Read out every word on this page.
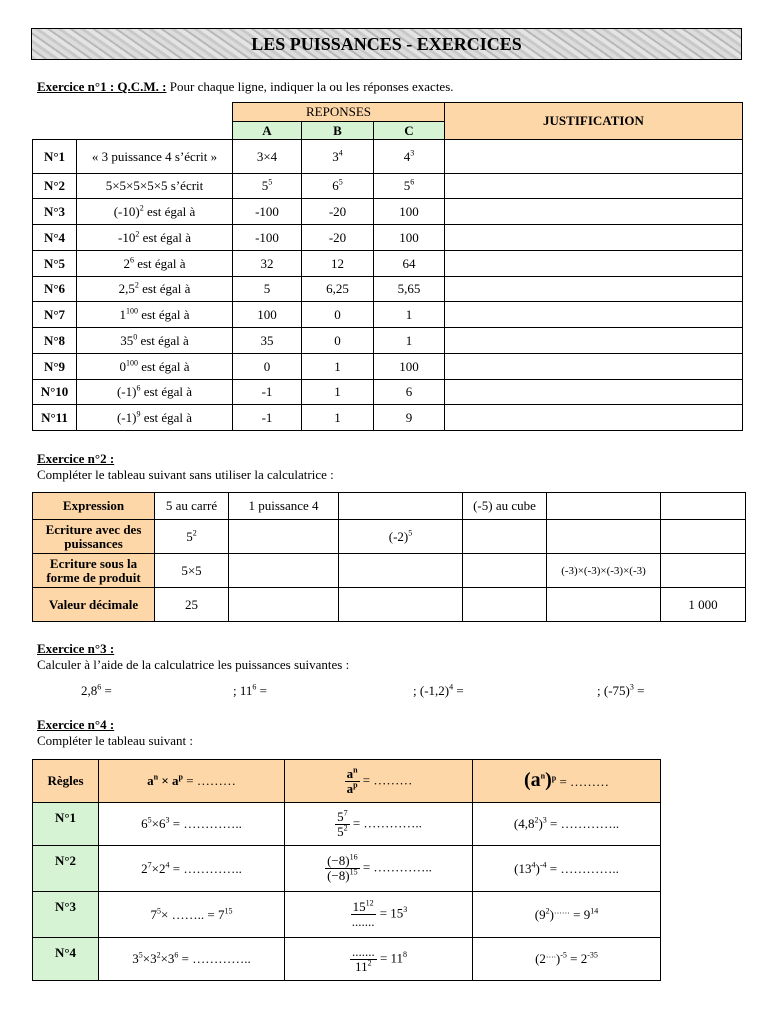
LES PUISSANCES - EXERCICES
Exercice n°1 : Q.C.M. : Pour chaque ligne, indiquer la ou les réponses exactes.
		REPONSES			JUSTIFICATION
		A	B	C	
N°1	« 3 puissance 4 s’écrit »	3×4	$3^4$	$4^3$	
N°2	5×5×5×5×5 s’écrit	$5^5$	$6^5$	$5^6$	
N°3	$(-10)^2$ est égal à	-100	-20	100	
N°4	$-10^2$ est égal à	-100	-20	100	
N°5	$2^6$ est égal à	32	12	64	
N°6	$2,5^2$ est égal à	5	6,25	5,65	
N°7	$1^{100}$ est égal à	100	0	1	
N°8	$35^0$ est égal à	35	0	1	
N°9	$0^{100}$ est égal à	0	1	100	
N°10	$(-1)^6$ est égal à	-1	1	6	
N°11	$(-1)^9$ est égal à	-1	1	9	
Exercice n°2 :
Compléter le tableau suivant sans utiliser la calculatrice :
Expression	5 au carré	1 puissance 4		(-5) au cube		
Ecriture avec des puissances	$5^2$		$(-2)^5$			
Ecriture sous la forme de produit	5×5				(-3)×(-3)×(-3)×(-3)	
Valeur décimale	25					1 000
Exercice n°3 :
Calculer à l’aide de la calculatrice les puissances suivantes :
$2,8^6$ =	; $11^6$ =	; $(-1,2)^4$ =	; $(-75)^3$ =
Exercice n°4 :
Compléter le tableau suivant :
Règles	$a^n \times a^p$ = ………	$\frac{a^n}{a^p}$ = ………	$(a^n)^p$ = ………
N°1	$6^5\times 6^3$ = …………..	$\frac{5^7}{5^2}$ = …………..	$(4,8^2)^3$ = …………..
N°2	$2^7\times 2^4$ = …………..	$\frac{(-8)^{16}}{(-8)^{15}}$ = …………..	$(13^4)^{-4}$ = …………..
N°3	$7^5\times$ …….. = $7^{15}$	$\frac{15^{12}}{.......} = 15^3$	$(9^2)^{\dots\dots} = 9^{14}$
N°4	$3^5\times 3^2\times 3^6$ = …………..	$\frac{.......}{11^2} = 11^8$	$(2^{\dots.})^{-5} = 2^{-35}$
